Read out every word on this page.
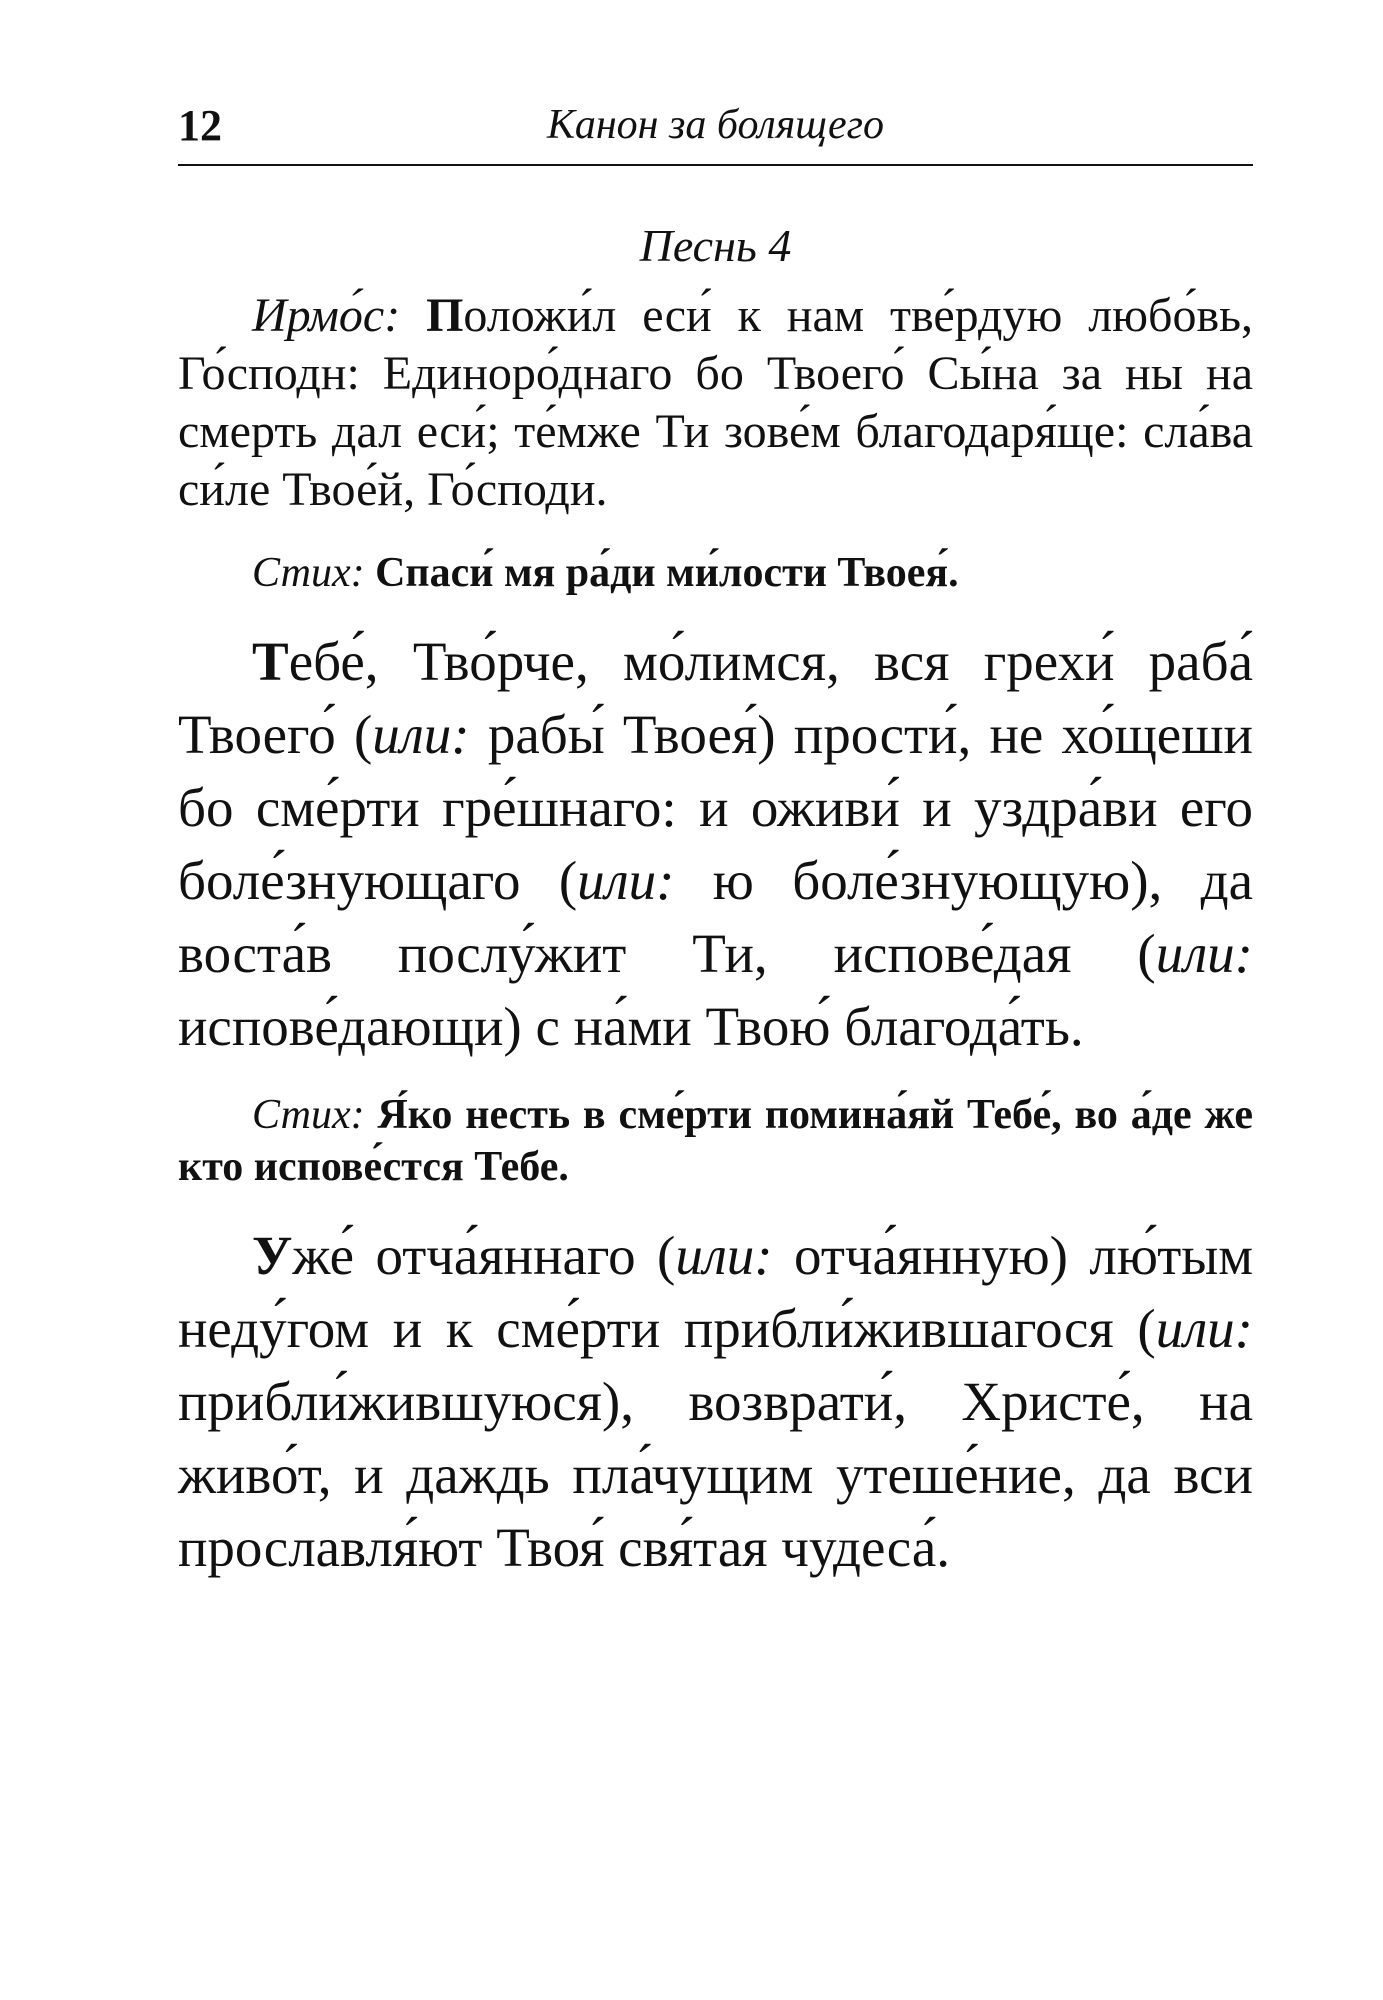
12	Канон за болящего
Песнь 4

Ирмо́с: Положи́л еси́ к нам тве́рдую любо́вь, Го́сподн: Единоро́днаго бо Твоего́ Сы́на за ны на смерть дал еси́; те́мже Ти зове́м благодаря́ще: сла́ва си́ле Твое́й, Го́споди.

Стих: Спаси́ мя ра́ди ми́лости Твоея́.

Тебе́, Тво́рче, мо́лимся, вся грехи́ раба́ Твоего́ (или: рабы́ Твоея́) прости́, не хо́щеши бо сме́рти гре́шнаго: и оживи́ и уздра́ви его боле́знующаго (или: ю боле́знующую), да воста́в послу́жит Ти, испове́дая (или: испове́дающи) с на́ми Твою́ благода́ть.

Стих: Я́ко несть в сме́рти помина́яй Тебе́, во а́де же кто испове́стся Тебе.

Уже́ отча́яннаго (или: отча́янную) лю́тым неду́гом и к сме́рти прибли́жившагося (или: прибли́жившуюся), возврати́, Христе́, на живо́т, и даждь пла́чущим утеше́ние, да вси прославля́ют Твоя́ свя́тая чудеса́.
